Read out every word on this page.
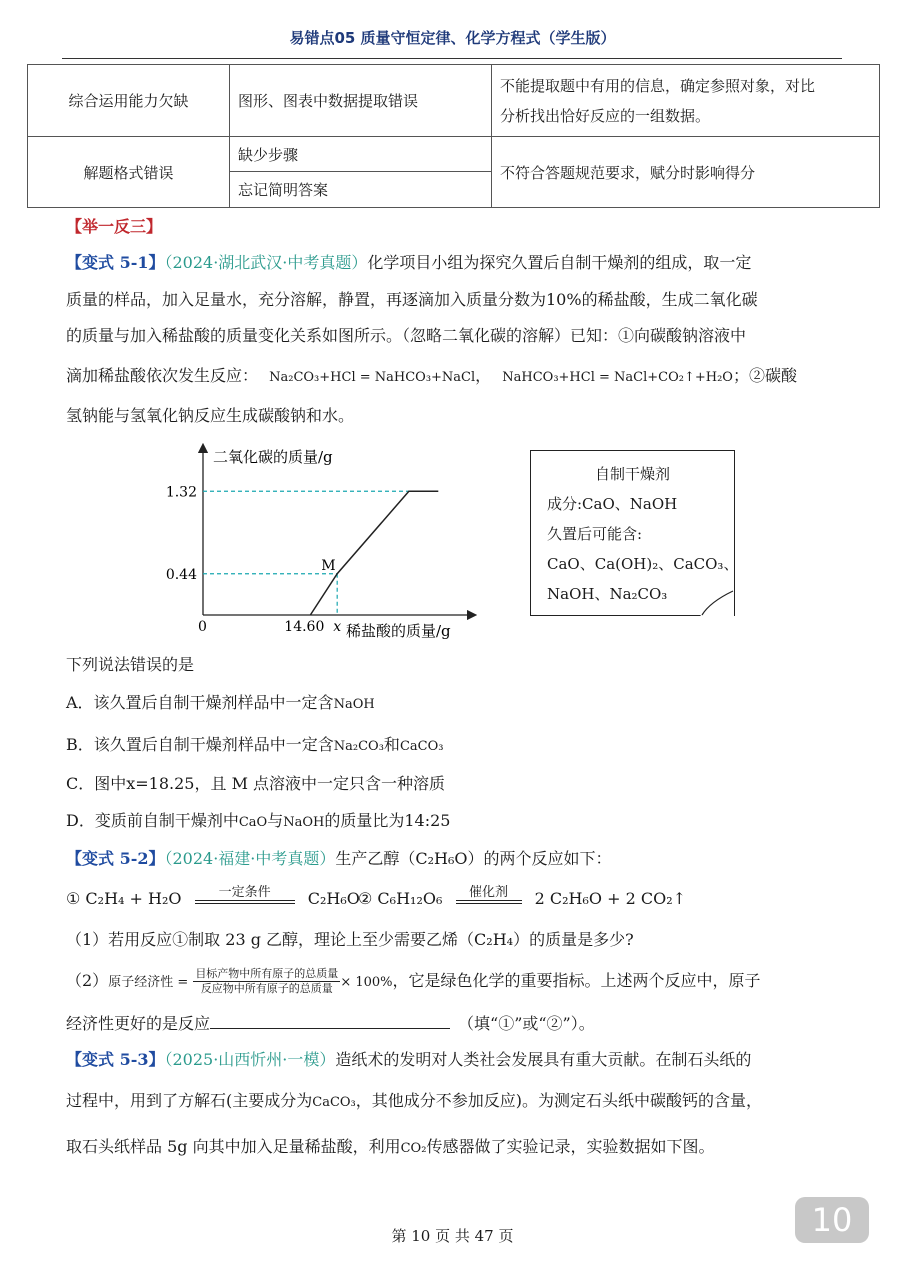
易错点05 质量守恒定律、化学方程式（学生版）
综合运用能力欠缺	图形、图表中数据提取错误	不能提取题中有用的信息，确定参照对象，对比
分析找出恰好反应的一组数据。

解题格式错误	缺少步骤	不符合答题规范要求，赋分时影响得分
	忘记简明答案	
【举一反三】
【变式 5-1】（2024·湖北武汉·中考真题）化学项目小组为探究久置后自制干燥剂的组成，取一定
质量的样品，加入足量水，充分溶解，静置，再逐滴加入质量分数为10%的稀盐酸，生成二氧化碳
的质量与加入稀盐酸的质量变化关系如图所示。（忽略二氧化碳的溶解）已知：①向碳酸钠溶液中
滴加稀盐酸依次发生反应： Na₂CO₃+HCl = NaHCO₃+NaCl， NaHCO₃+HCl = NaCl+CO₂↑+H₂O；②碳酸
氢钠能与氢氧化钠反应生成碳酸钠和水。
二氧化碳的质量/g
稀盐酸的质量/g
0
1.32
0.44
14.60 x
M
自制干燥剂
成分:CaO、NaOH
久置后可能含:
CaO、Ca(OH)₂、CaCO₃、
NaOH、Na₂CO₃
下列说法错误的是
A．该久置后自制干燥剂样品中一定含NaOH
B．该久置后自制干燥剂样品中一定含Na₂CO₃和CaCO₃
C．图中x=18.25，且 M 点溶液中一定只含一种溶质
D．变质前自制干燥剂中CaO与NaOH的质量比为14:25
【变式 5-2】（2024·福建·中考真题）生产乙醇（C₂H₆O）的两个反应如下：
① C₂H₄ + H₂O	一定条件	C₂H₆O
② C₆H₁₂O₆	催化剂	2 C₂H₆O + 2 CO₂↑
（1）若用反应①制取 23 g 乙醇，理论上至少需要乙烯（C₂H₄）的质量是多少?
（2）原子经济性 = $\frac{\text{目标产物中所有原子的总质量}}{\text{反应物中所有原子的总质量}} \times 100\%$，它是绿色化学的重要指标。上述两个反应中，原子
经济性更好的是反应	（填“①”或“②”）。
【变式 5-3】（2025·山西忻州·一模）造纸术的发明对人类社会发展具有重大贡献。在制石头纸的
过程中，用到了方解石(主要成分为CaCO₃，其他成分不参加反应)。为测定石头纸中碳酸钙的含量，
取石头纸样品 5g 向其中加入足量稀盐酸，利用CO₂传感器做了实验记录，实验数据如下图。
10
第 10 页 共 47 页
